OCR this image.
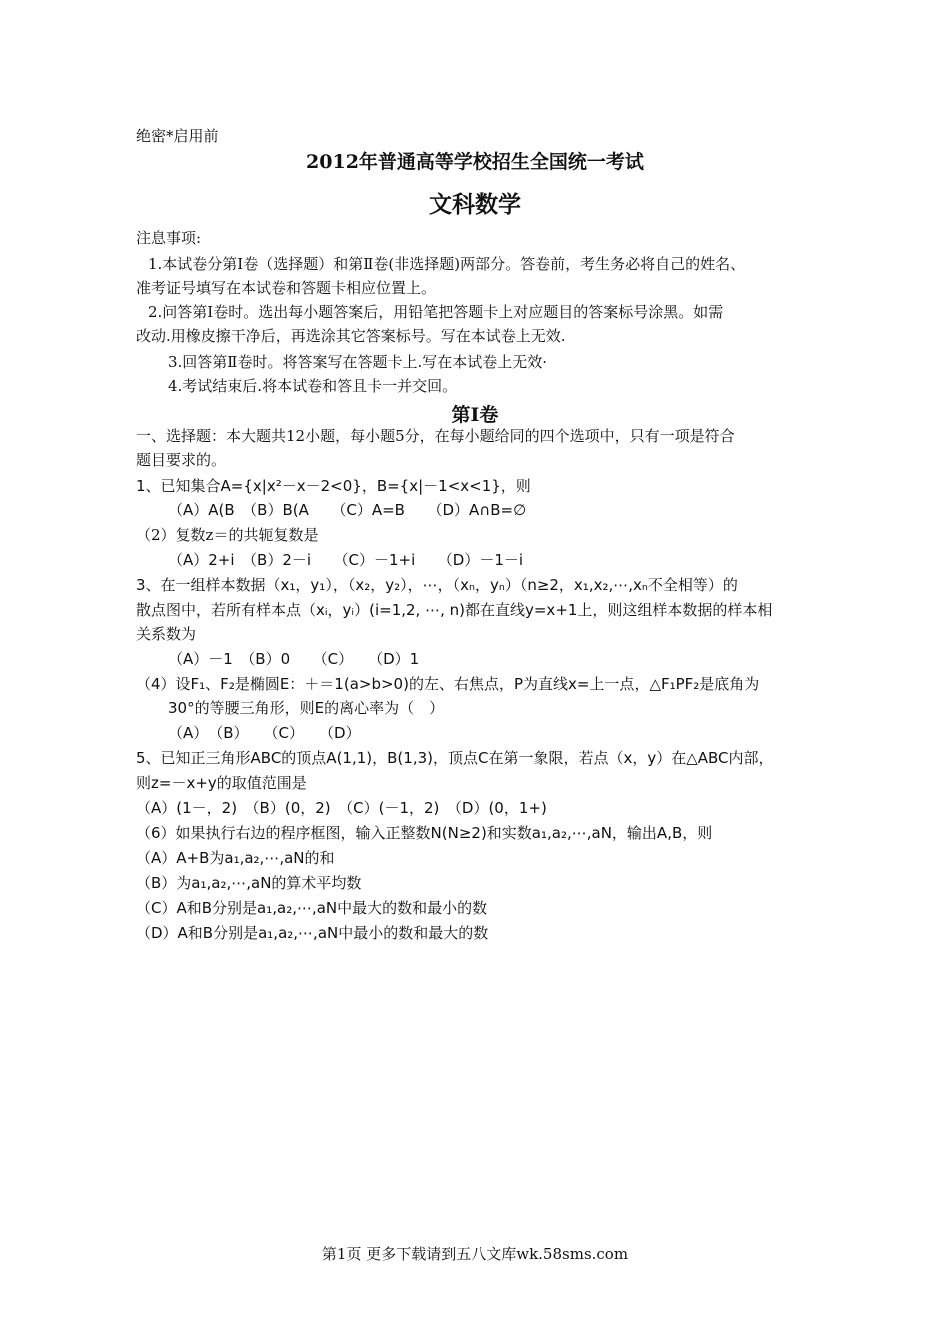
绝密*启用前
2012年普通高等学校招生全国统一考试
文科数学
注息事项:
1.本试卷分第Ⅰ卷（选择题）和第Ⅱ卷(非选择题)两部分。答卷前，考生务必将自己的姓名、
准考证号填写在本试卷和答题卡相应位置上。
2.问答第Ⅰ卷时。选出每小题答案后，用铅笔把答题卡上对应题目的答案标号涂黑。如需
改动.用橡皮擦干净后，再选涂其它答案标号。写在本试卷上无效.
3.回答第Ⅱ卷时。将答案写在答题卡上.写在本试卷上无效·
4.考试结束后.将本试卷和答且卡一并交回。
第Ⅰ卷
一、选择题：本大题共12小题，每小题5分，在每小题给同的四个选项中，只有一项是符合
题目要求的。
1、已知集合A={x|x²－x－2<0}，B={x|－1<x<1}，则
（A）A(B　（B）B(A　　（C）A=B　　（D）A∩B=∅
（2）复数z＝的共轭复数是
（A）2+i　（B）2－i　　（C）－1+i　　（D）－1－i
3、在一组样本数据（x₁，y₁），（x₂，y₂），⋯，（xₙ，yₙ）（n≥2，x₁,x₂,⋯,xₙ不全相等）的
散点图中，若所有样本点（xᵢ，yᵢ）(i=1,2, ⋯, n)都在直线y=x+1上，则这组样本数据的样本相
关系数为
（A）－1　（B）0　　（C）　　（D）1
（4）设F₁、F₂是椭圆E：＋＝1(a>b>0)的左、右焦点，P为直线x=上一点，△F₁PF₂是底角为
30°的等腰三角形，则E的离心率为（　）
（A）　（B）　　（C）　　（D）
5、已知正三角形ABC的顶点A(1,1)，B(1,3)，顶点C在第一象限，若点（x，y）在△ABC内部，
则z=－x+y的取值范围是
（A）(1－，2)　（B）(0，2)　（C）(－1，2)　（D）(0，1+)
（6）如果执行右边的程序框图，输入正整数N(N≥2)和实数a₁,a₂,⋯,aN，输出A,B，则
（A）A+B为a₁,a₂,⋯,aN的和
（B）为a₁,a₂,⋯,aN的算术平均数
（C）A和B分别是a₁,a₂,⋯,aN中最大的数和最小的数
（D）A和B分别是a₁,a₂,⋯,aN中最小的数和最大的数
第1页 更多下载请到五八文库wk.58sms.com
